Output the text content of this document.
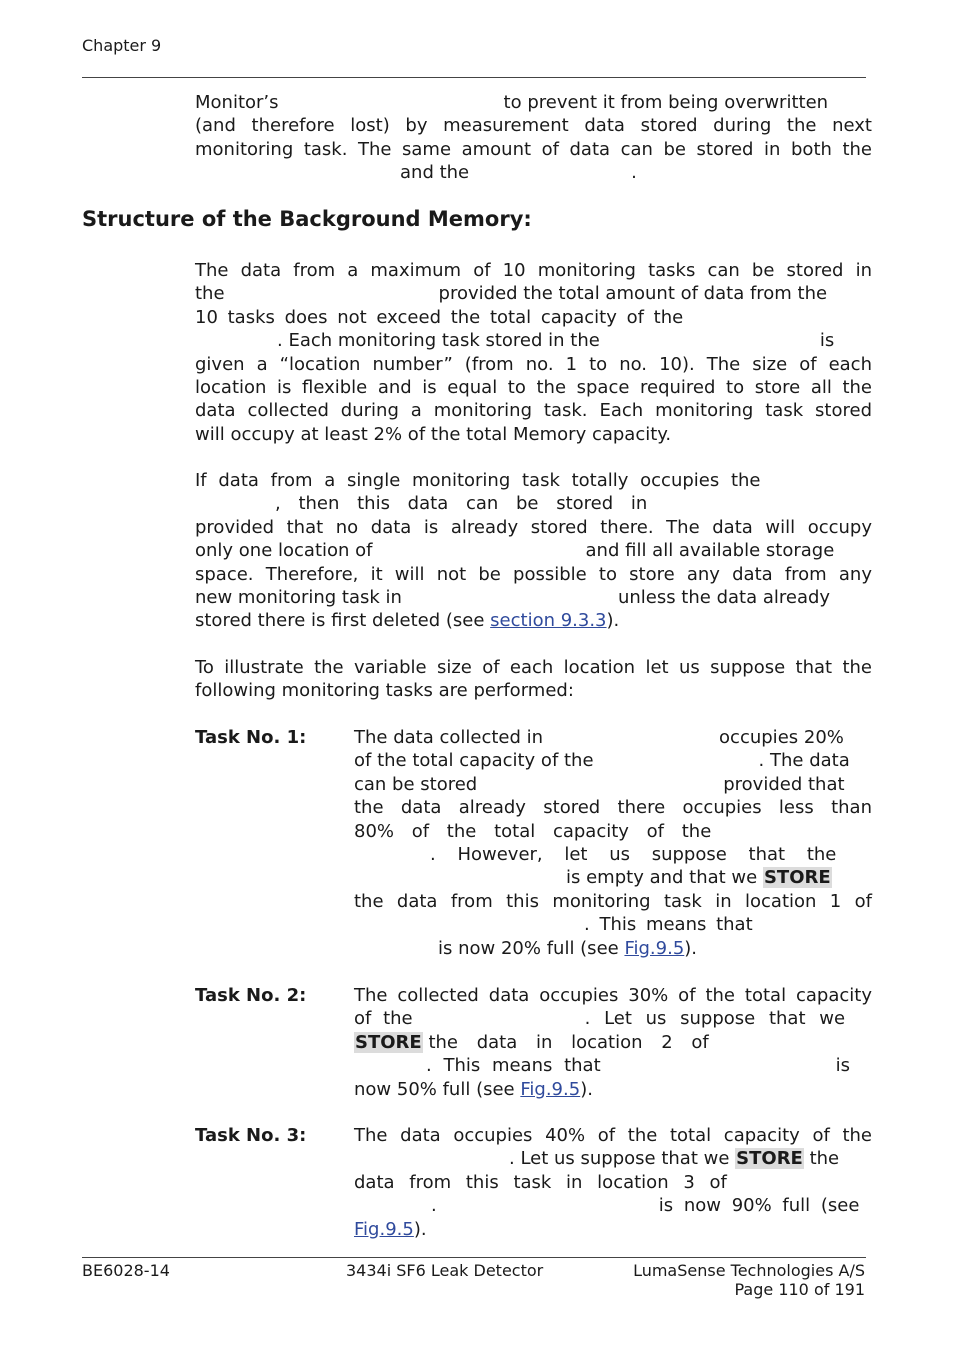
Chapter 9
Monitor’s	to prevent it from being overwritten
(and therefore lost) by measurement data stored during the next
monitoring task. The same amount of data can be stored in both the
and the	.
Structure of the Background Memory:
The data from a maximum of 10 monitoring tasks can be stored in
the	provided the total amount of data from the
10 tasks does not exceed the total capacity of the
. Each monitoring task stored in the	is
given a “location number” (from no. 1 to no. 10). The size of each
location is flexible and is equal to the space required to store all the
data collected during a monitoring task. Each monitoring task stored
will occupy at least 2% of the total Memory capacity.
If data from a single monitoring task totally occupies the
, then this data can be stored in
provided that no data is already stored there. The data will occupy
only one location of	and fill all available storage
space. Therefore, it will not be possible to store any data from any
new monitoring task in	unless the data already
stored there is first deleted (see section 9.3.3).
To illustrate the variable size of each location let us suppose that the
following monitoring tasks are performed:
Task No. 1:	The data collected in	occupies 20%
of the total capacity of the	. The data
can be stored	provided that
the data already stored there occupies less than
80% of the total capacity of the
. However, let us suppose that the
is empty and that we STORE
the data from this monitoring task in location 1 of
. This means that
is now 20% full (see Fig.9.5).
Task No. 2:	The collected data occupies 30% of the total capacity
of the	. Let us suppose that we
STORE the data in location 2 of
. This means that	is
now 50% full (see Fig.9.5).
Task No. 3:	The data occupies 40% of the total capacity of the
. Let us suppose that we STORE the
data from this task in location 3 of
.	is now 90% full (see
Fig.9.5).
BE6028-14	3434i SF6 Leak Detector	LumaSense Technologies A/S
Page 110 of 191
